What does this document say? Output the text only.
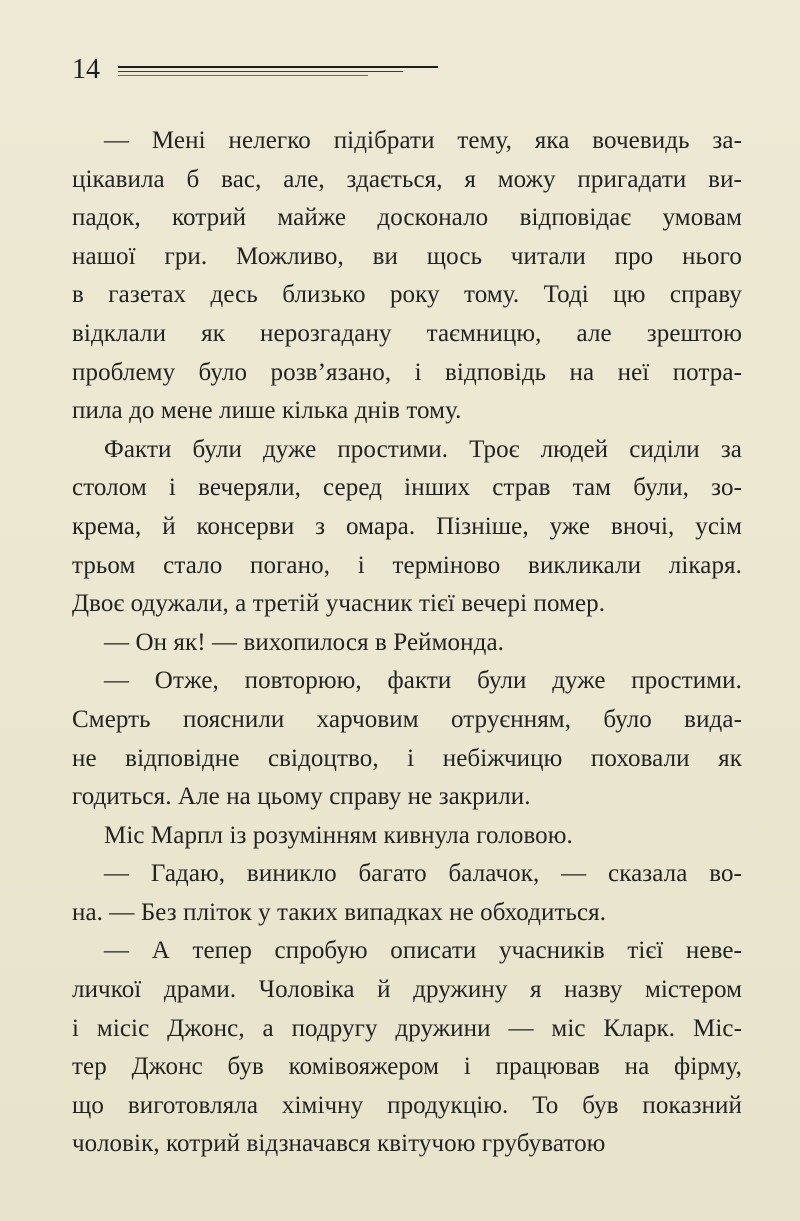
14
— Мені нелегко підібрати тему, яка вочевидь за-
цікавила б вас, але, здається, я можу пригадати ви-
падок, котрий майже досконало відповідає умовам
нашої гри. Можливо, ви щось читали про нього
в газетах десь близько року тому. Тоді цю справу
відклали як нерозгадану таємницю, але зрештою
проблему було розв’язано, і відповідь на неї потра-
пила до мене лише кілька днів тому.
Факти були дуже простими. Троє людей сиділи за
столом і вечеряли, серед інших страв там були, зо-
крема, й консерви з омара. Пізніше, уже вночі, усім
трьом стало погано, і терміново викликали лікаря.
Двоє одужали, а третій учасник тієї вечері помер.
— Он як! — вихопилося в Реймонда.
— Отже, повторюю, факти були дуже простими.
Смерть пояснили харчовим отруєнням, було вида-
не відповідне свідоцтво, і небіжчицю поховали як
годиться. Але на цьому справу не закрили.
Міс Марпл із розумінням кивнула головою.
— Гадаю, виникло багато балачок, — сказала во-
на. — Без пліток у таких випадках не обходиться.
— А тепер спробую описати учасників тієї неве-
личкої драми. Чоловіка й дружину я назву містером
і місіс Джонс, а подругу дружини — міс Кларк. Міс-
тер Джонс був комівояжером і працював на фірму,
що виготовляла хімічну продукцію. То був показний
чоловік, котрий відзначався квітучою грубуватою
